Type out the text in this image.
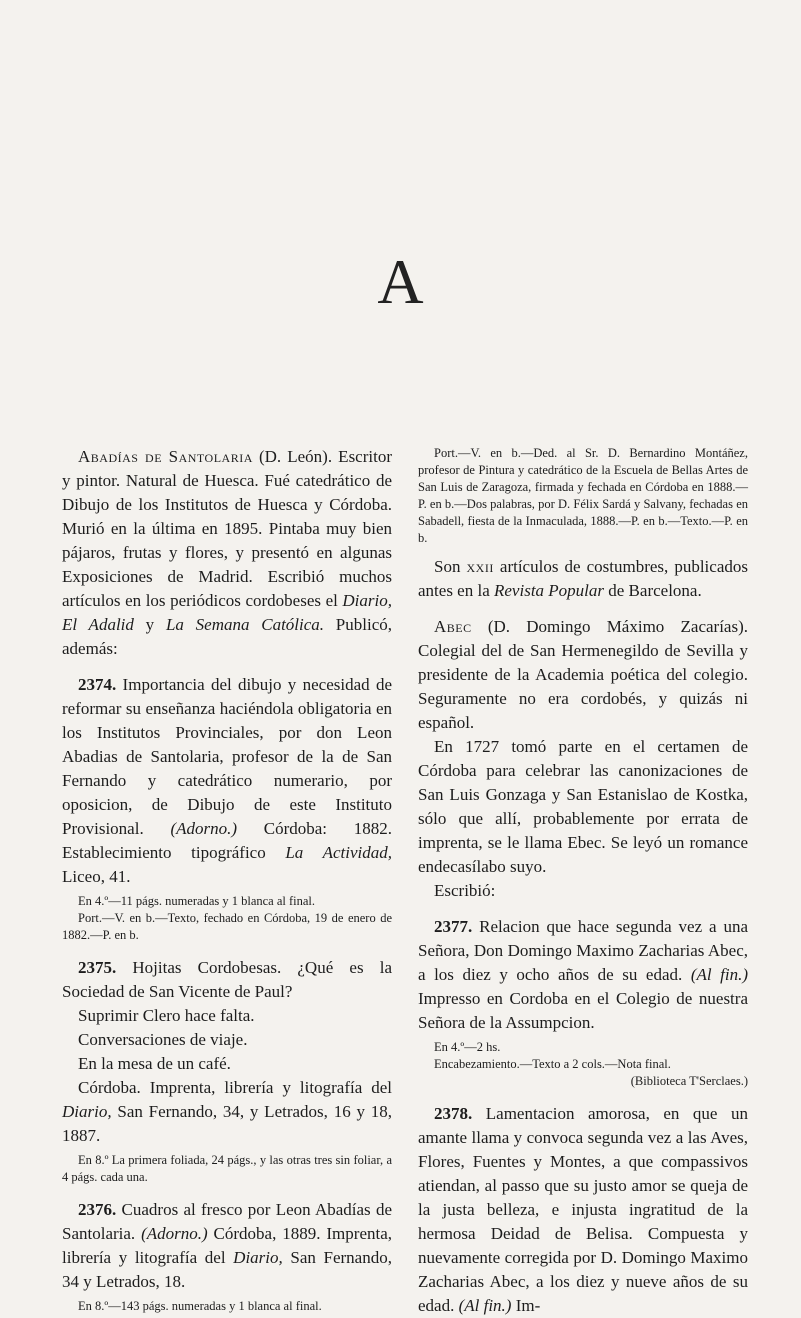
A

Abadías de Santolaria (D. León). Escritor y pintor. Natural de Huesca. Fué catedrático de Dibujo de los Institutos de Huesca y Córdoba. Murió en la última en 1895. Pintaba muy bien pájaros, frutas y flores, y presentó en algunas Exposiciones de Madrid. Escribió muchos artículos en los periódicos cordobeses el Diario, El Adalid y La Semana Católica. Publicó, además:

2374. Importancia del dibujo y necesidad de reformar su enseñanza haciéndola obligatoria en los Institutos Provinciales, por don Leon Abadias de Santolaria, profesor de la de San Fernando y catedrático numerario, por oposicion, de Dibujo de este Instituto Provisional. (Adorno.) Córdoba: 1882. Establecimiento tipográfico La Actividad, Liceo, 41.

En 4.º—11 págs. numeradas y 1 blanca al final.

Port.—V. en b.—Texto, fechado en Córdoba, 19 de enero de 1882.—P. en b.

2375. Hojitas Cordobesas. ¿Qué es la Sociedad de San Vicente de Paul?

Suprimir Clero hace falta.

Conversaciones de viaje.

En la mesa de un café.

Córdoba. Imprenta, librería y litografía del Diario, San Fernando, 34, y Letrados, 16 y 18, 1887.

En 8.º La primera foliada, 24 págs., y las otras tres sin foliar, a 4 págs. cada una.

2376. Cuadros al fresco por Leon Abadías de Santolaria. (Adorno.) Córdoba, 1889. Imprenta, librería y litografía del Diario, San Fernando, 34 y Letrados, 18.

En 8.º—143 págs. numeradas y 1 blanca al final.

Port.—V. en b.—Ded. al Sr. D. Bernardino Montáñez, profesor de Pintura y catedrático de la Escuela de Bellas Artes de San Luis de Zaragoza, firmada y fechada en Córdoba en 1888.—P. en b.—Dos palabras, por D. Félix Sardá y Salvany, fechadas en Sabadell, fiesta de la Inmaculada, 1888.—P. en b.—Texto.—P. en b.

Son xxii artículos de costumbres, publicados antes en la Revista Popular de Barcelona.

Abec (D. Domingo Máximo Zacarías). Colegial del de San Hermenegildo de Sevilla y presidente de la Academia poética del colegio. Seguramente no era cordobés, y quizás ni español.

En 1727 tomó parte en el certamen de Córdoba para celebrar las canonizaciones de San Luis Gonzaga y San Estanislao de Kostka, sólo que allí, probablemente por errata de imprenta, se le llama Ebec. Se leyó un romance endecasílabo suyo.

Escribió:

2377. Relacion que hace segunda vez a una Señora, Don Domingo Maximo Zacharias Abec, a los diez y ocho años de su edad. (Al fin.) Impresso en Cordoba en el Colegio de nuestra Señora de la Assumpcion.

En 4.º—2 hs.

Encabezamiento.—Texto a 2 cols.—Nota final.

(Biblioteca T'Serclaes.)

2378. Lamentacion amorosa, en que un amante llama y convoca segunda vez a las Aves, Flores, Fuentes y Montes, a que compassivos atiendan, al passo que su justo amor se queja de la justa belleza, e injusta ingratitud de la hermosa Deidad de Belisa. Compuesta y nuevamente corregida por D. Domingo Maximo Zacharias Abec, a los diez y nueve años de su edad. (Al fin.) Im-
